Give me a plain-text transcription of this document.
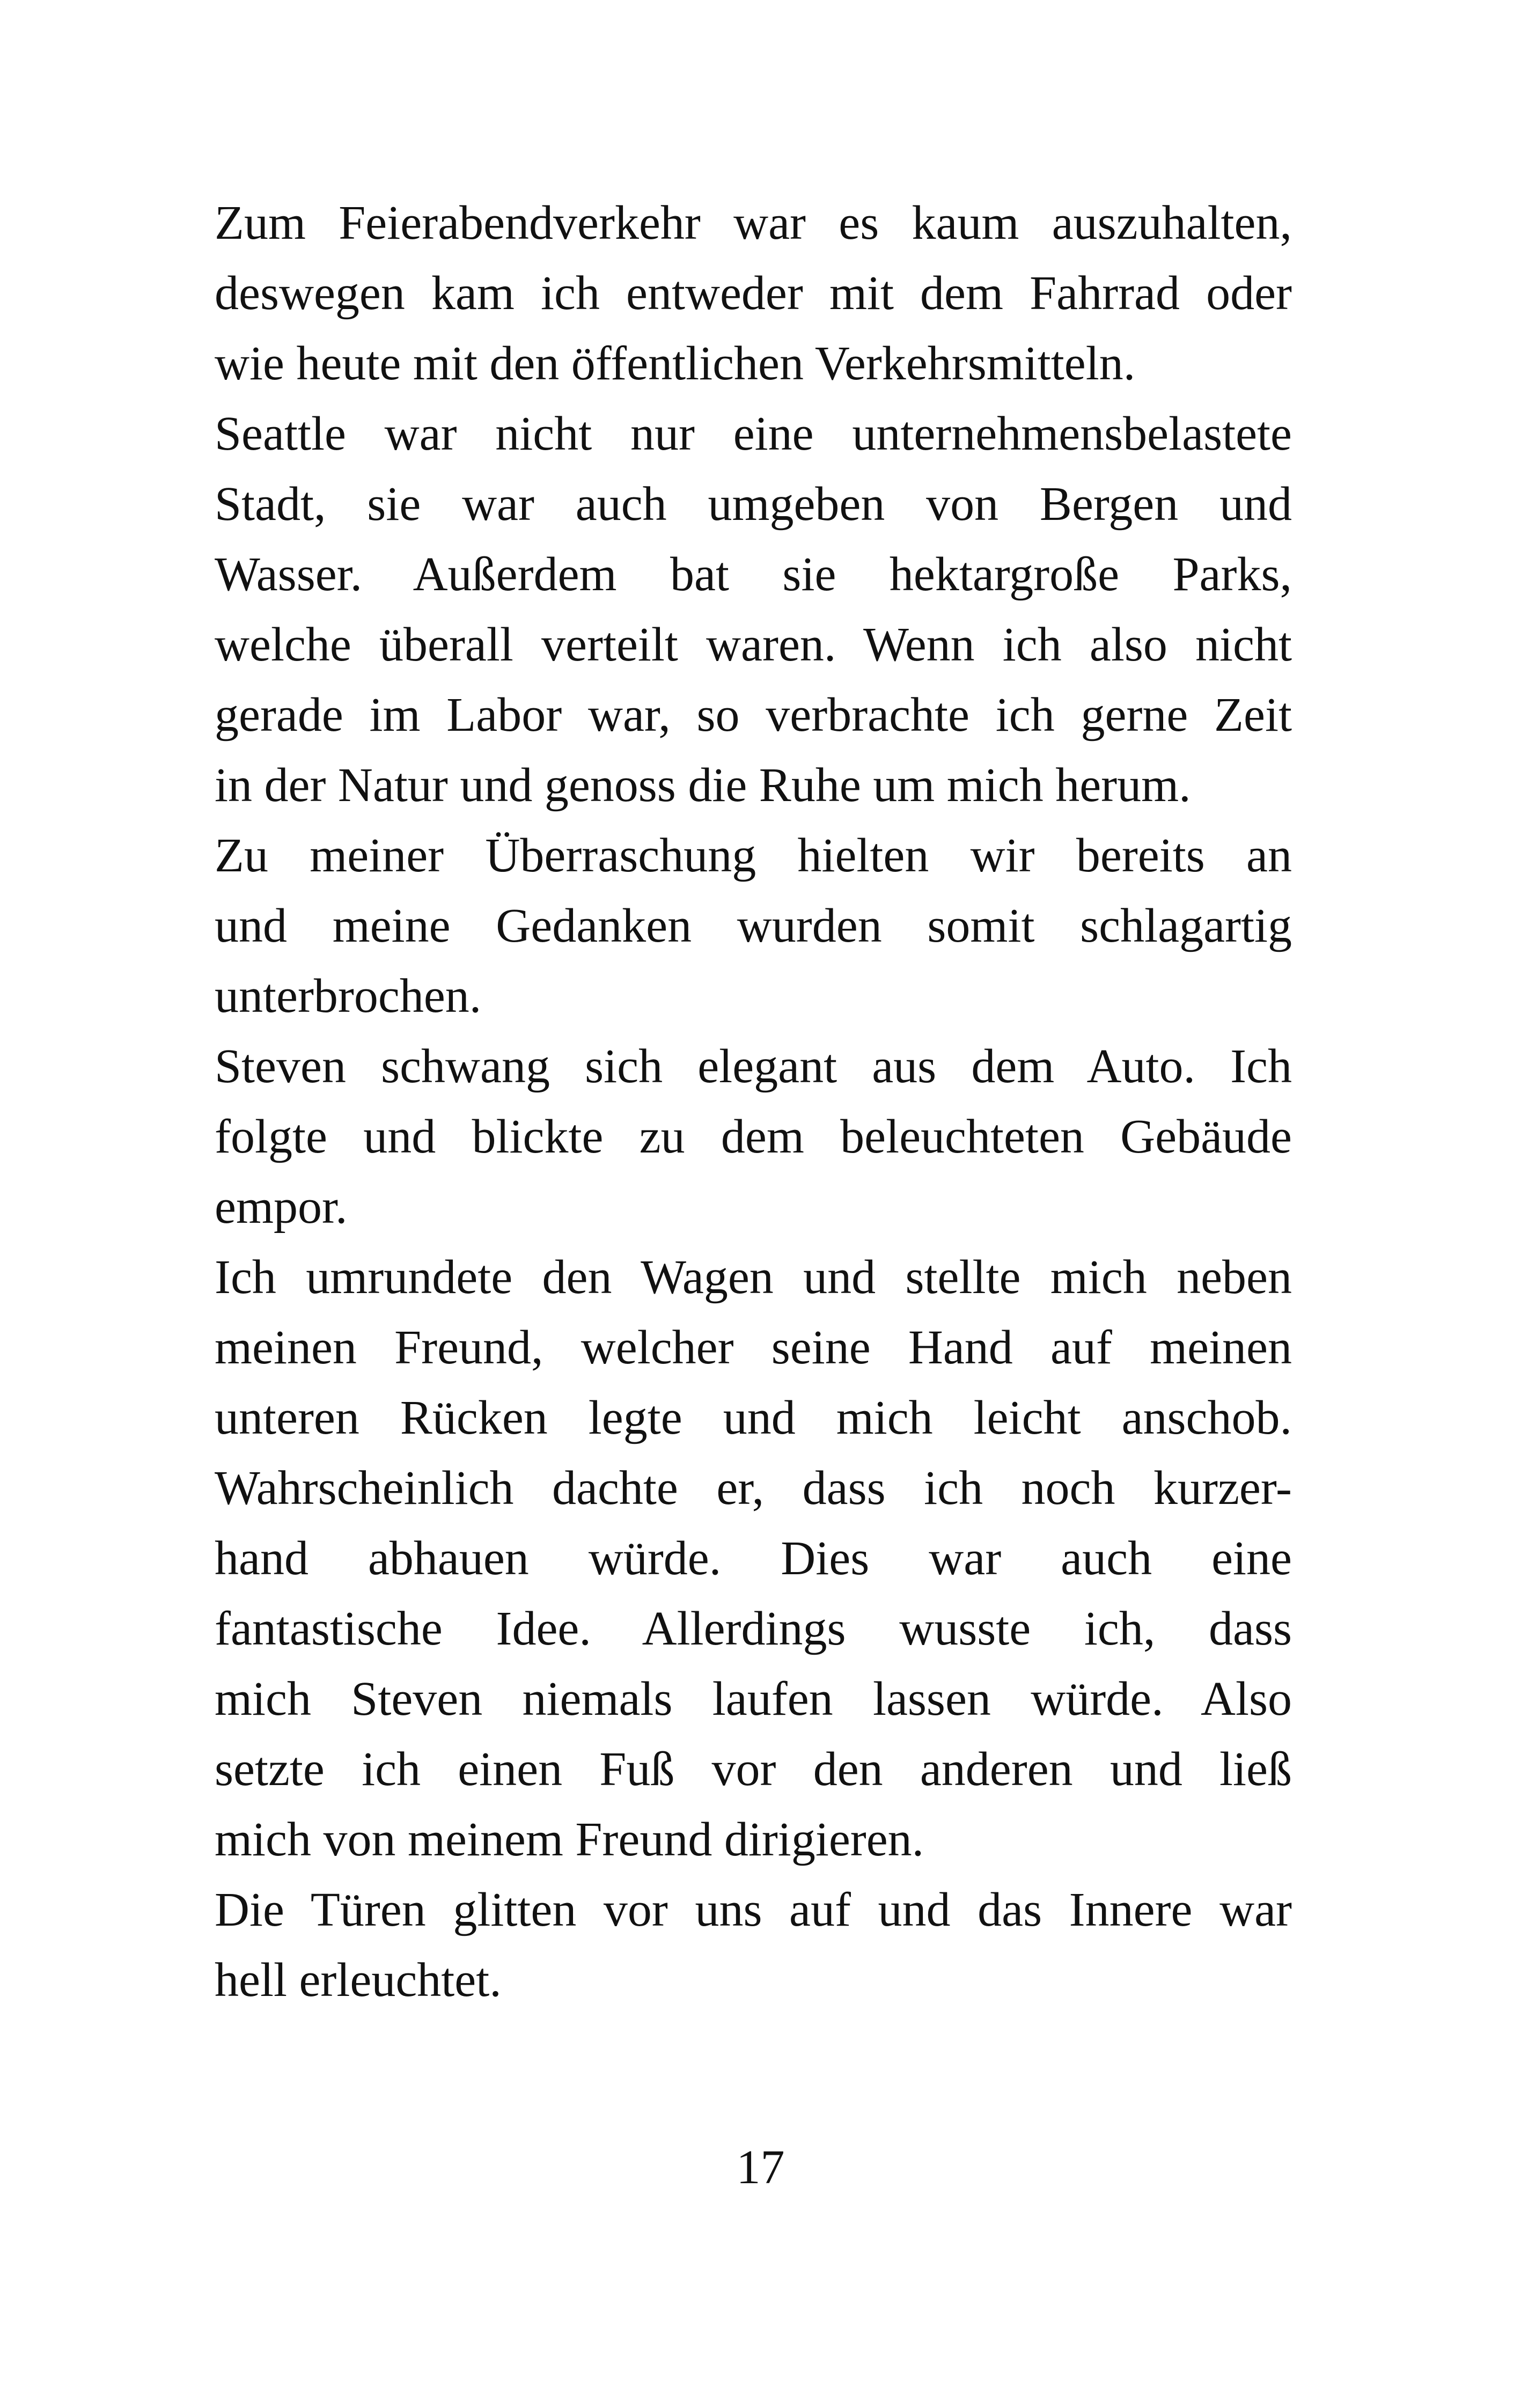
Zum Feierabendverkehr war es kaum auszuhalten,
deswegen kam ich entweder mit dem Fahrrad oder
wie heute mit den öffentlichen Verkehrsmitteln.
Seattle war nicht nur eine unternehmensbelastete
Stadt, sie war auch umgeben von Bergen und
Wasser. Außerdem bat sie hektargroße Parks,
welche überall verteilt waren. Wenn ich also nicht
gerade im Labor war, so verbrachte ich gerne Zeit
in der Natur und genoss die Ruhe um mich herum.
Zu meiner Überraschung hielten wir bereits an
und meine Gedanken wurden somit schlagartig
unterbrochen.
Steven schwang sich elegant aus dem Auto. Ich
folgte und blickte zu dem beleuchteten Gebäude
empor.
Ich umrundete den Wagen und stellte mich neben
meinen Freund, welcher seine Hand auf meinen
unteren Rücken legte und mich leicht anschob.
Wahrscheinlich dachte er, dass ich noch kurzer-
hand abhauen würde. Dies war auch eine
fantastische Idee. Allerdings wusste ich, dass
mich Steven niemals laufen lassen würde. Also
setzte ich einen Fuß vor den anderen und ließ
mich von meinem Freund dirigieren.
Die Türen glitten vor uns auf und das Innere war
hell erleuchtet.
17
